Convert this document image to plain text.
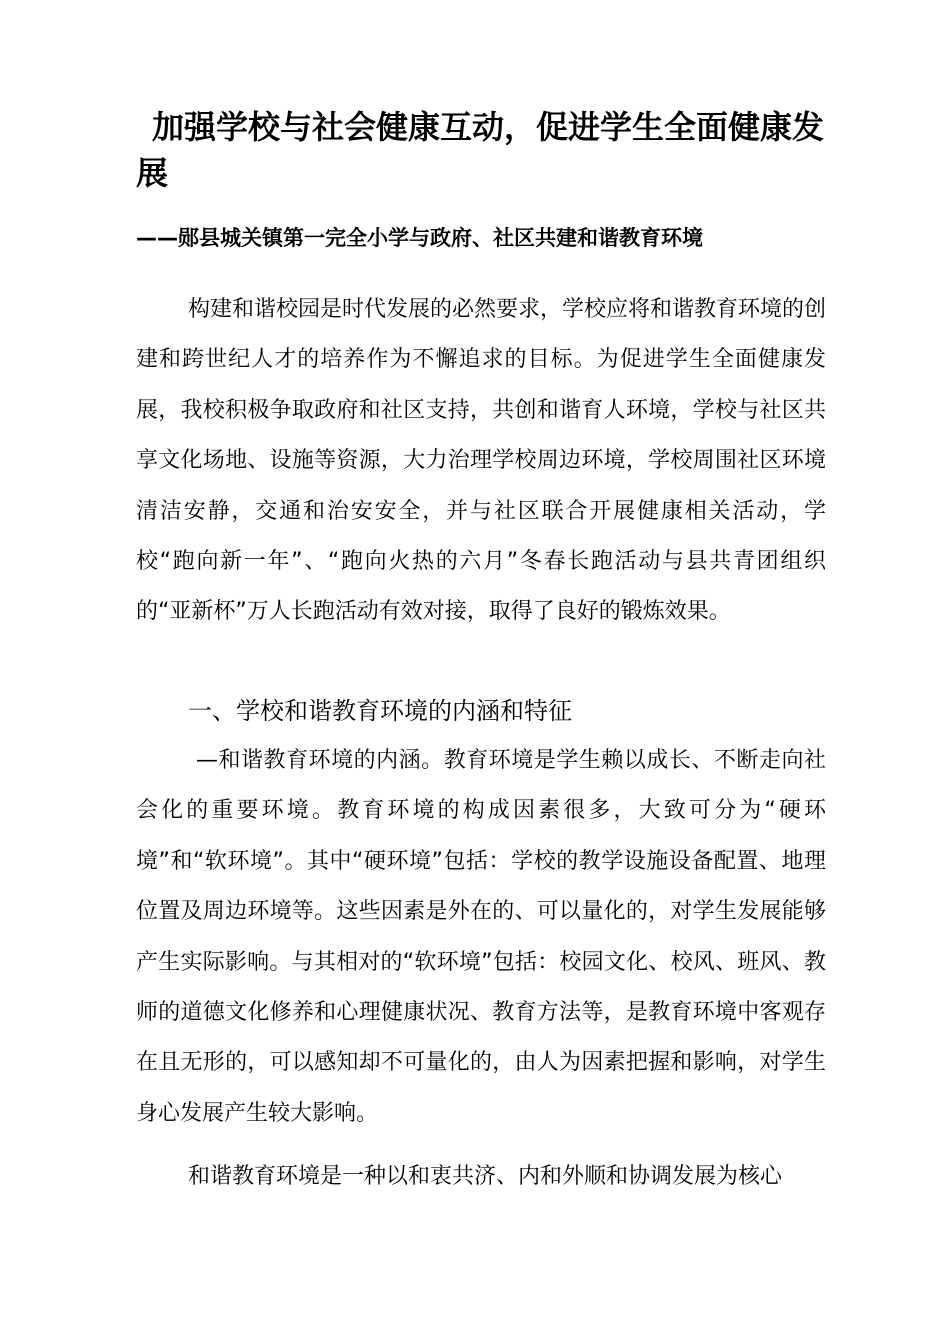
加强学校与社会健康互动，促进学生全面健康发展
——郧县城关镇第一完全小学与政府、社区共建和谐教育环境

构建和谐校园是时代发展的必然要求，学校应将和谐教育环境的创建和跨世纪人才的培养作为不懈追求的目标。为促进学生全面健康发展，我校积极争取政府和社区支持，共创和谐育人环境，学校与社区共享文化场地、设施等资源，大力治理学校周边环境，学校周围社区环境清洁安静，交通和治安安全，并与社区联合开展健康相关活动，学校“跑向新一年”、“跑向火热的六月”冬春长跑活动与县共青团组织的“亚新杯”万人长跑活动有效对接，取得了良好的锻炼效果。

一、学校和谐教育环境的内涵和特征

—和谐教育环境的内涵。教育环境是学生赖以成长、不断走向社会化的重要环境。教育环境的构成因素很多，大致可分为“硬环境”和“软环境”。其中“硬环境”包括：学校的教学设施设备配置、地理位置及周边环境等。这些因素是外在的、可以量化的，对学生发展能够产生实际影响。与其相对的“软环境”包括：校园文化、校风、班风、教师的道德文化修养和心理健康状况、教育方法等，是教育环境中客观存在且无形的，可以感知却不可量化的，由人为因素把握和影响，对学生身心发展产生较大影响。

和谐教育环境是一种以和衷共济、内和外顺和协调发展为核心
